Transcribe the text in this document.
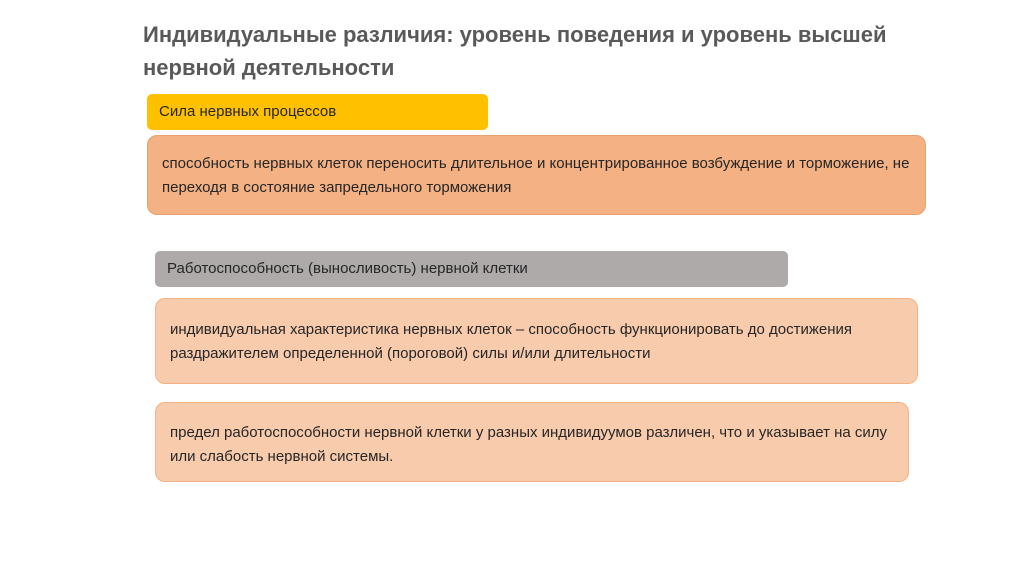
Индивидуальные различия: уровень поведения и уровень высшей нервной деятельности
Сила нервных процессов
способность нервных клеток переносить длительное и концентрированное возбуждение и торможение, не переходя в состояние запредельного торможения
Работоспособность (выносливость) нервной клетки
индивидуальная характеристика нервных клеток – способность функционировать до достижения раздражителем определенной (пороговой) силы и/или длительности
предел работоспособности нервной клетки у разных индивидуумов различен, что и указывает на силу или слабость нервной системы.
